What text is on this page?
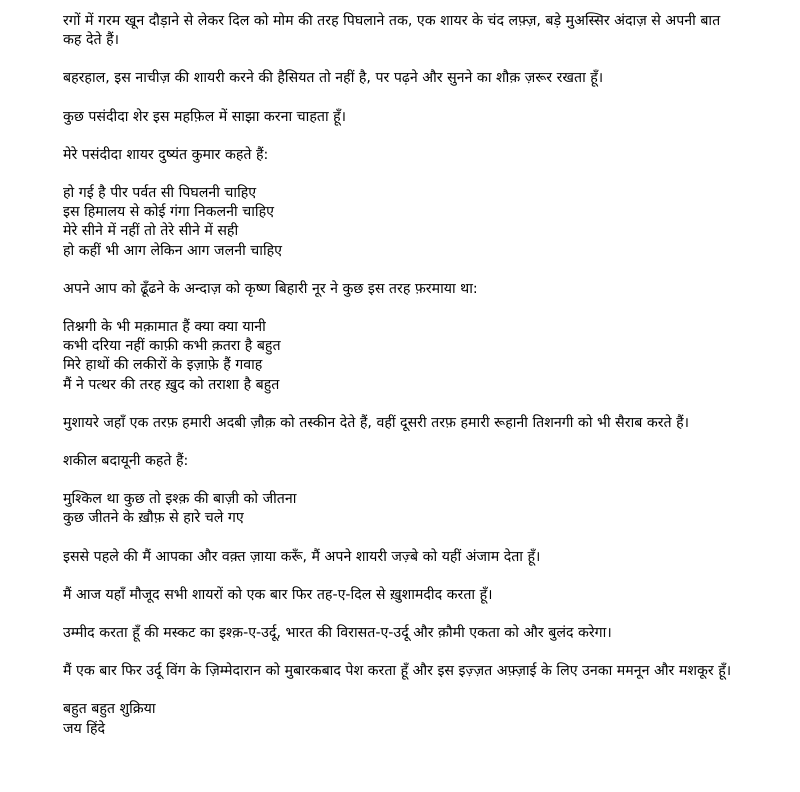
रगों में गरम खून दौड़ाने से लेकर दिल को मोम की तरह पिघलाने तक, एक शायर के चंद लफ़्ज़, बड़े मुअस्सिर अंदाज़ से अपनी बात कह देते हैं।

बहरहाल, इस नाचीज़ की शायरी करने की हैसियत तो नहीं है, पर पढ़ने और सुनने का शौक़ ज़रूर रखता हूँ।

कुछ पसंदीदा शेर इस महफ़िल में साझा करना चाहता हूँ।

मेरे पसंदीदा शायर दुष्यंत कुमार कहते हैं:

हो गई है पीर पर्वत सी पिघलनी चाहिए
इस हिमालय से कोई गंगा निकलनी चाहिए
मेरे सीने में नहीं तो तेरे सीने में सही
हो कहीं भी आग लेकिन आग जलनी चाहिए

अपने आप को ढूँढने के अन्दाज़ को कृष्ण बिहारी नूर ने कुछ इस तरह फ़रमाया था:

तिश्नगी के भी मक़ामात हैं क्या क्या यानी
कभी दरिया नहीं काफ़ी कभी क़तरा है बहुत
मिरे हाथों की लकीरों के इज़ाफ़े हैं गवाह
मैं ने पत्थर की तरह ख़ुद को तराशा है बहुत

मुशायरे जहाँ एक तरफ़ हमारी अदबी ज़ौक़ को तस्कीन देते हैं, वहीं दूसरी तरफ़ हमारी रूहानी तिशनगी को भी सैराब करते हैं।

शकील बदायूनी कहते हैं:

मुश्किल था कुछ तो इश्क़ की बाज़ी को जीतना
कुछ जीतने के ख़ौफ़ से हारे चले गए

इससे पहले की मैं आपका और वक़्त ज़ाया करूँ, मैं अपने शायरी जज़्बे को यहीं अंजाम देता हूँ।

मैं आज यहाँ मौजूद सभी शायरों को एक बार फिर तह-ए-दिल से ख़ुशामदीद करता हूँ।

उम्मीद करता हूँ की मस्कट का इश्क़-ए-उर्दू, भारत की विरासत-ए-उर्दू और क़ौमी एकता को और बुलंद करेगा।

मैं एक बार फिर उर्दू विंग के ज़िम्मेदारान को मुबारकबाद पेश करता हूँ और इस इज़्ज़त अफ़्ज़ाई के लिए उनका ममनून और मशकूर हूँ।

बहुत बहुत शुक्रिया
जय हिंदे
